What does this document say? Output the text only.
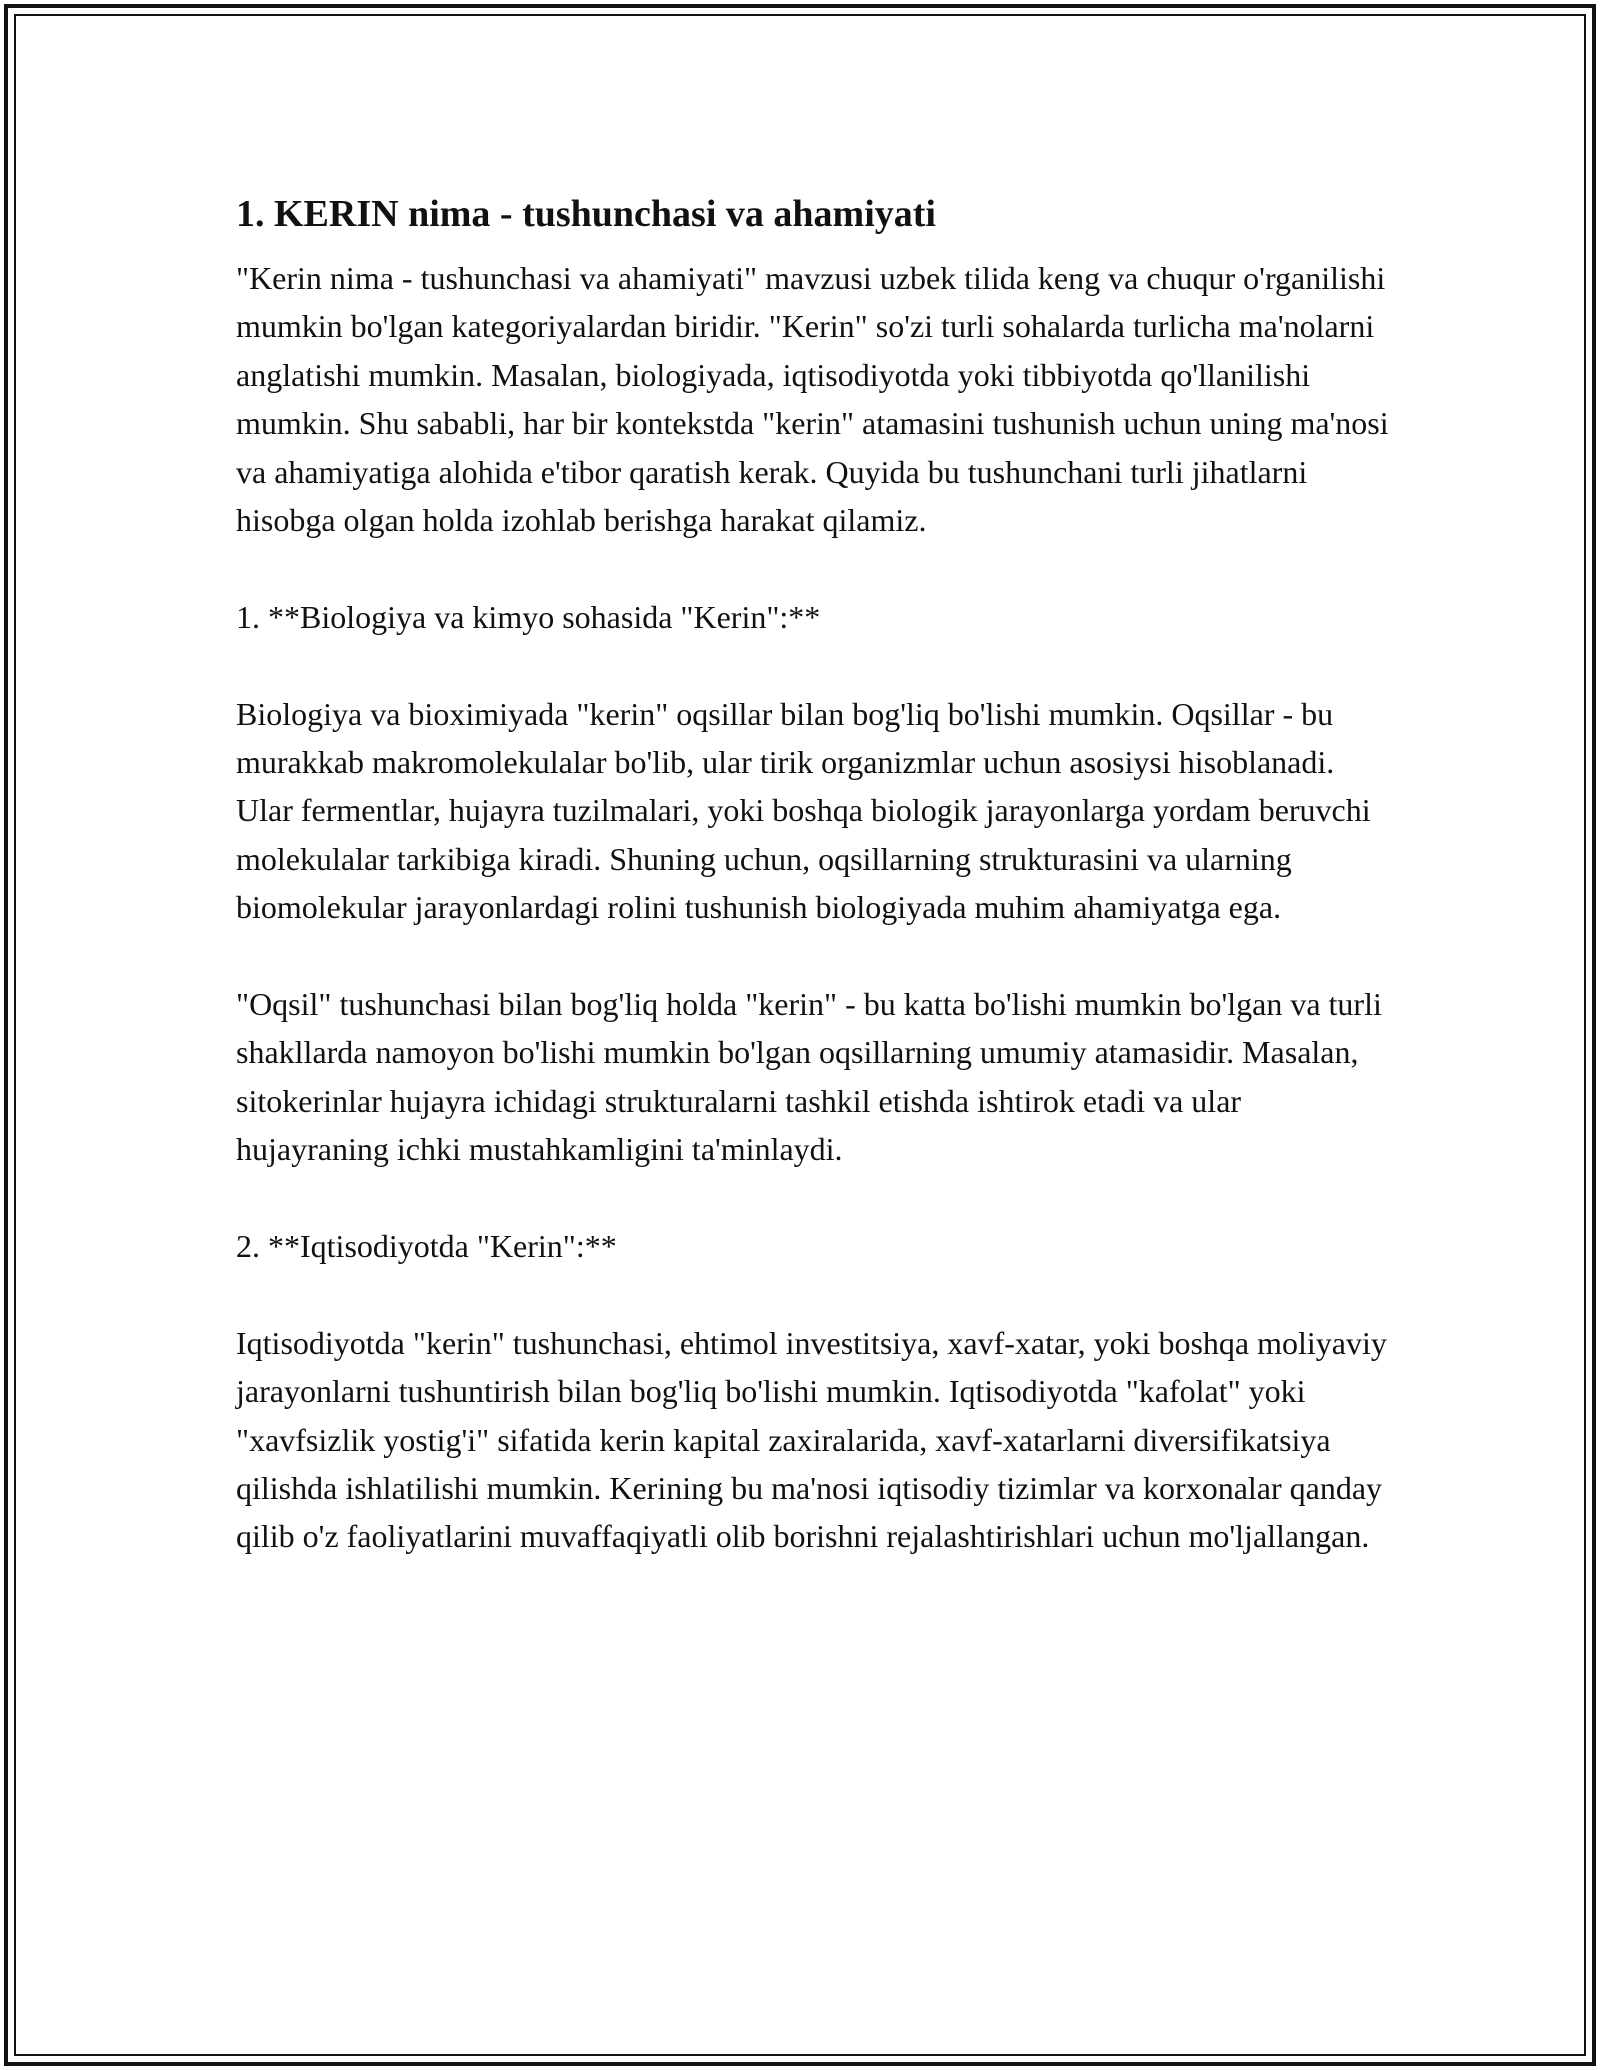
1. KERIN nima - tushunchasi va ahamiyati

"Kerin nima - tushunchasi va ahamiyati" mavzusi uzbek tilida keng va chuqur o'rganilishi mumkin bo'lgan kategoriyalardan biridir. "Kerin" so'zi turli sohalarda turlicha ma'nolarni anglatishi mumkin. Masalan, biologiyada, iqtisodiyotda yoki tibbiyotda qo'llanilishi mumkin. Shu sababli, har bir kontekstda "kerin" atamasini tushunish uchun uning ma'nosi va ahamiyatiga alohida e'tibor qaratish kerak. Quyida bu tushunchani turli jihatlarni hisobga olgan holda izohlab berishga harakat qilamiz.

1. **Biologiya va kimyo sohasida "Kerin":**

Biologiya va bioximiyada "kerin" oqsillar bilan bog'liq bo'lishi mumkin. Oqsillar - bu murakkab makromolekulalar bo'lib, ular tirik organizmlar uchun asosiysi hisoblanadi. Ular fermentlar, hujayra tuzilmalari, yoki boshqa biologik jarayonlarga yordam beruvchi molekulalar tarkibiga kiradi. Shuning uchun, oqsillarning strukturasini va ularning biomolekular jarayonlardagi rolini tushunish biologiyada muhim ahamiyatga ega.

"Oqsil" tushunchasi bilan bog'liq holda "kerin" - bu katta bo'lishi mumkin bo'lgan va turli shakllarda namoyon bo'lishi mumkin bo'lgan oqsillarning umumiy atamasidir. Masalan, sitokerinlar hujayra ichidagi strukturalarni tashkil etishda ishtirok etadi va ular hujayraning ichki mustahkamligini ta'minlaydi.

2. **Iqtisodiyotda "Kerin":**

Iqtisodiyotda "kerin" tushunchasi, ehtimol investitsiya, xavf-xatar, yoki boshqa moliyaviy jarayonlarni tushuntirish bilan bog'liq bo'lishi mumkin. Iqtisodiyotda "kafolat" yoki "xavfsizlik yostig'i" sifatida kerin kapital zaxiralarida, xavf-xatarlarni diversifikatsiya qilishda ishlatilishi mumkin. Kerining bu ma'nosi iqtisodiy tizimlar va korxonalar qanday qilib o'z faoliyatlarini muvaffaqiyatli olib borishni rejalashtirishlari uchun mo'ljallangan.
